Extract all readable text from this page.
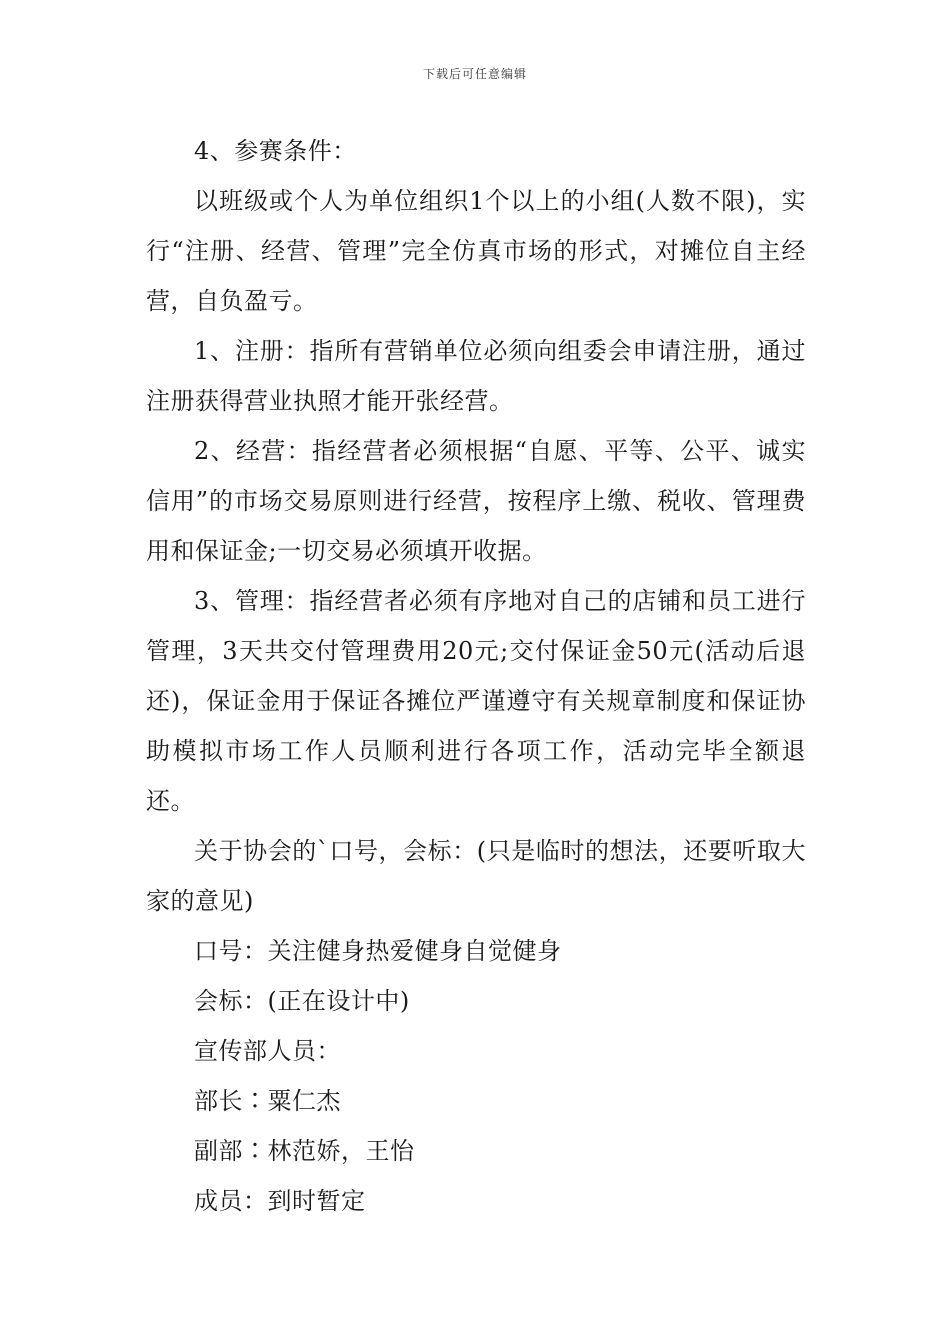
下载后可任意编辑

4、参赛条件：

以班级或个人为单位组织1个以上的小组(人数不限)，实行“注册、经营、管理”完全仿真市场的形式，对摊位自主经营，自负盈亏。

1、注册：指所有营销单位必须向组委会申请注册，通过注册获得营业执照才能开张经营。

2、经营：指经营者必须根据“自愿、平等、公平、诚实信用”的市场交易原则进行经营，按程序上缴、税收、管理费用和保证金;一切交易必须填开收据。

3、管理：指经营者必须有序地对自己的店铺和员工进行管理，3天共交付管理费用20元;交付保证金50元(活动后退还)，保证金用于保证各摊位严谨遵守有关规章制度和保证协助模拟市场工作人员顺利进行各项工作，活动完毕全额退还。

关于协会的`口号，会标：(只是临时的想法，还要听取大家的意见)

口号：关注健身热爱健身自觉健身

会标：(正在设计中)

宣传部人员：

部长∶粟仁杰

副部∶林范娇，王怡

成员：到时暂定
